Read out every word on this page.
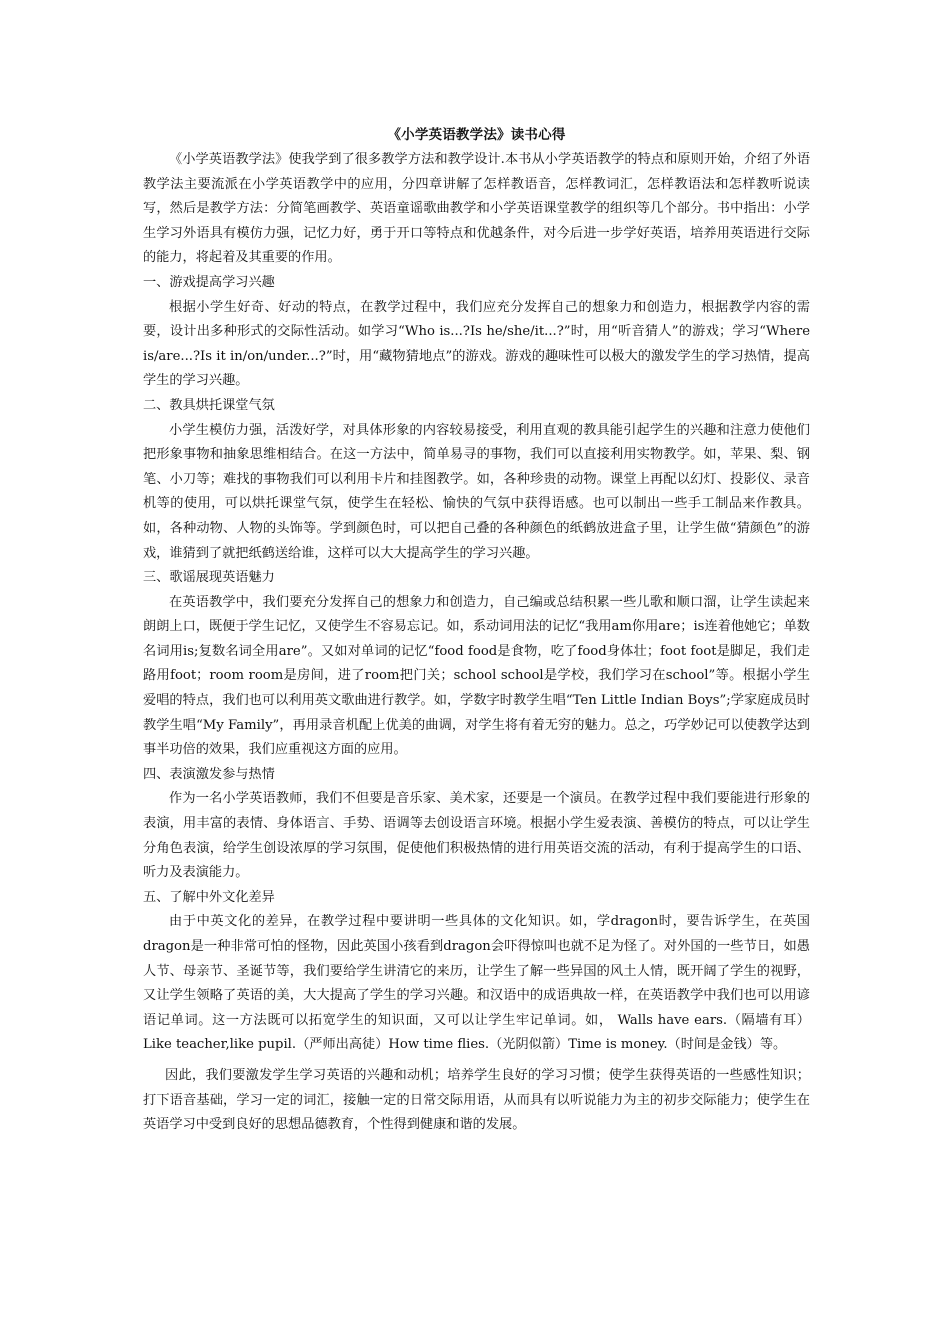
《小学英语教学法》读书心得

《小学英语教学法》使我学到了很多教学方法和教学设计.本书从小学英语教学的特点和原则开始，介绍了外语教学法主要流派在小学英语教学中的应用，分四章讲解了怎样教语音，怎样教词汇，怎样教语法和怎样教听说读写，然后是教学方法：分简笔画教学、英语童谣歌曲教学和小学英语课堂教学的组织等几个部分。书中指出：小学生学习外语具有模仿力强，记忆力好，勇于开口等特点和优越条件，对今后进一步学好英语，培养用英语进行交际的能力，将起着及其重要的作用。

一、游戏提高学习兴趣

根据小学生好奇、好动的特点，在教学过程中，我们应充分发挥自己的想象力和创造力，根据教学内容的需要，设计出多种形式的交际性活动。如学习“Who is...?Is he/she/it...?”时，用“听音猜人”的游戏；学习“Where is/are...?Is it in/on/under...?”时，用“藏物猜地点”的游戏。游戏的趣味性可以极大的激发学生的学习热情，提高学生的学习兴趣。

二、教具烘托课堂气氛

小学生模仿力强，活泼好学，对具体形象的内容较易接受，利用直观的教具能引起学生的兴趣和注意力使他们把形象事物和抽象思维相结合。在这一方法中，简单易寻的事物，我们可以直接利用实物教学。如，苹果、梨、钢笔、小刀等；难找的事物我们可以利用卡片和挂图教学。如，各种珍贵的动物。课堂上再配以幻灯、投影仪、录音机等的使用，可以烘托课堂气氛，使学生在轻松、愉快的气氛中获得语感。也可以制出一些手工制品来作教具。如，各种动物、人物的头饰等。学到颜色时，可以把自己叠的各种颜色的纸鹤放进盒子里，让学生做“猜颜色”的游戏，谁猜到了就把纸鹤送给谁，这样可以大大提高学生的学习兴趣。

三、歌谣展现英语魅力

在英语教学中，我们要充分发挥自己的想象力和创造力，自己编或总结积累一些儿歌和顺口溜，让学生读起来朗朗上口，既便于学生记忆，又使学生不容易忘记。如，系动词用法的记忆“我用am你用are；is连着他她它；单数名词用is;复数名词全用are”。又如对单词的记忆“food food是食物，吃了food身体壮；foot foot是脚足，我们走路用foot；room room是房间，进了room把门关；school school是学校，我们学习在school”等。根据小学生爱唱的特点，我们也可以利用英文歌曲进行教学。如，学数字时教学生唱“Ten Little Indian Boys”;学家庭成员时教学生唱“My Family”，再用录音机配上优美的曲调，对学生将有着无穷的魅力。总之，巧学妙记可以使教学达到事半功倍的效果，我们应重视这方面的应用。

四、表演激发参与热情

作为一名小学英语教师，我们不但要是音乐家、美术家，还要是一个演员。在教学过程中我们要能进行形象的表演，用丰富的表情、身体语言、手势、语调等去创设语言环境。根据小学生爱表演、善模仿的特点，可以让学生分角色表演，给学生创设浓厚的学习氛围，促使他们积极热情的进行用英语交流的活动，有利于提高学生的口语、听力及表演能力。

五、了解中外文化差异

由于中英文化的差异，在教学过程中要讲明一些具体的文化知识。如，学dragon时，要告诉学生，在英国dragon是一种非常可怕的怪物，因此英国小孩看到dragon会吓得惊叫也就不足为怪了。对外国的一些节日，如愚人节、母亲节、圣诞节等，我们要给学生讲清它的来历，让学生了解一些异国的风土人情，既开阔了学生的视野，又让学生领略了英语的美，大大提高了学生的学习兴趣。和汉语中的成语典故一样，在英语教学中我们也可以用谚语记单词。这一方法既可以拓宽学生的知识面，又可以让学生牢记单词。如， Walls have ears.（隔墙有耳）Like teacher,like pupil.（严师出高徒）How time flies.（光阴似箭）Time is money.（时间是金钱）等。

因此，我们要激发学生学习英语的兴趣和动机；培养学生良好的学习习惯；使学生获得英语的一些感性知识；打下语音基础，学习一定的词汇，接触一定的日常交际用语，从而具有以听说能力为主的初步交际能力；使学生在英语学习中受到良好的思想品德教育，个性得到健康和谐的发展。
